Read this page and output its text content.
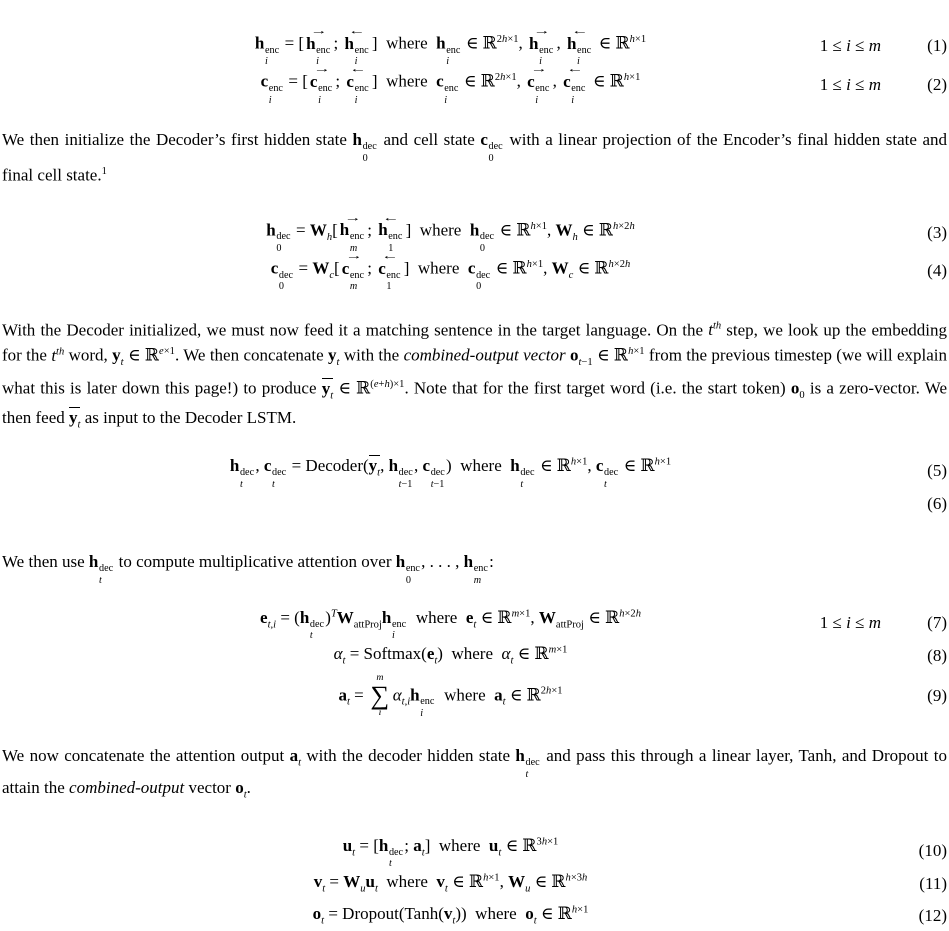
h enc
i
= [
→
h enc
i
;
←
h enc
i
]  where  h enc
i
∈ ℝ$^{2h\times 1}$,
→
h enc
i
,
←
h enc
i
∈ ℝ$^{h\times 1}$	1 ≤ i ≤ m	(1)
c enc
i
= [
→
c enc
i
;
←
c enc
i
]  where  c enc
i
∈ ℝ$^{2h\times 1}$,
→
c enc
i
,
←
c enc
i
∈ ℝ$^{h\times 1}$	1 ≤ i ≤ m	(2)

We then initialize the Decoder’s first hidden state h dec
0
and cell state c dec
0
with a linear projection of the Encoder’s final hidden state and final cell state.$^1$

h dec
0
= $W_h$[
→
h enc
m
;
←
h enc
1
]  where  h dec
0
∈ ℝ$^{h\times 1}$, $W_h$ ∈ ℝ$^{h\times 2h}$	(3)
c dec
0
= $W_c$[
→
c enc
m
;
←
c enc
1
]  where  c dec
0
∈ ℝ$^{h\times 1}$, $W_c$ ∈ ℝ$^{h\times 2h}$	(4)

With the Decoder initialized, we must now feed it a matching sentence in the target language. On the $t^{th}$ step, we look up the embedding for the $t^{th}$ word, $y_t$ ∈ ℝ$^{e\times 1}$. We then concatenate $y_t$ with the combined-output vector $o_{t-1}$ ∈ ℝ$^{h\times 1}$ from the previous timestep (we will explain what this is later down this page!) to produce $y_t$ ∈ ℝ$^{(e+h)\times 1}$. Note that for the first target word (i.e. the start token) $o_0$ is a zero-vector. We then feed $y_t$ as input to the Decoder LSTM.

h dec
t
, c dec
t
= $Decoder(y_t$, h dec
t−1
, c dec
t−1
)  where  h dec
t
∈ ℝ$^{h\times 1}$, c dec
t
∈ ℝ$^{h\times 1}$	(5)
(6)

We then use h dec
t
to compute multiplicative attention over h enc
0
, . . . , h enc
m
:

$e_{t,i} = (h$ dec
t
)$^TW_{attProj}h$ enc
i
where  $e_t$ ∈ ℝ$^{m\times 1}$, $W_{attProj}$ ∈ ℝ$^{h\times 2h}$	1 ≤ i ≤ m	(7)
$\alpha_t$ = $Softmax(e_t)$  where  $\alpha_t$ ∈ ℝ$^{m\times 1}$	(8)
$a_t$ =
m
∑
i
$\alpha_{t,i}h$ enc
i
where  $a_t$ ∈ ℝ$^{2h\times 1}$	(9)

We now concatenate the attention output $a_t$ with the decoder hidden state h dec
t
and pass this through a linear layer, Tanh, and Dropout to attain the combined-output vector $o_t$.

$u_t = [h$ dec
t
; $a_t$]  where  $u_t$ ∈ ℝ$^{3h\times 1}$	(10)
$v_t = W_uu_t$  where  $v_t$ ∈ ℝ$^{h\times 1}$, $W_u$ ∈ ℝ$^{h\times 3h}$	(11)
$o_t$ = $Dropout(Tanh(v_t))$  where  $o_t$ ∈ ℝ$^{h\times 1}$	(12)
